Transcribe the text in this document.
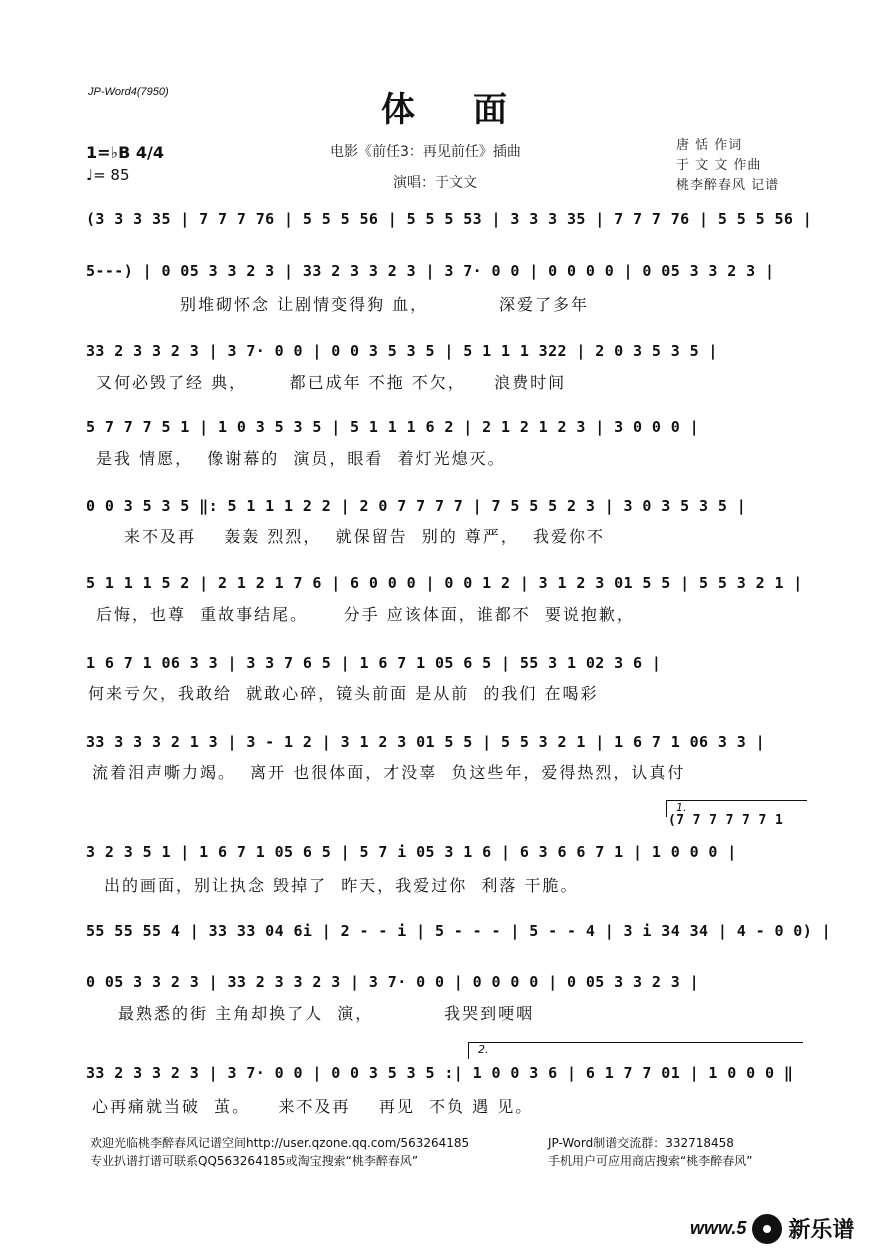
JP-Word4(7950)	体面
1=♭B 4/4
♩= 85
电影《前任3：再见前任》插曲
演唱：于文文
唐 恬 作词
于 文 文 作曲
桃李醉春风 记谱
(3 3 3 35 | 7 7 7 76 | 5 5 5 56 | 5 5 5 53 | 3 3 3 35 | 7 7 7 76 | 5 5 5 56 |
5---) | 0 05 3 3 2 3 | 33 2 3 3 2 3 | 3 7· 0 0 | 0 0 0 0 | 0 05 3 3 2 3 |
别堆砌怀念 让剧情变得狗 血，          深爱了多年
33 2 3 3 2 3 | 3 7· 0 0 | 0 0 3 5 3 5 | 5 1 1 1 322 | 2 0 3 5 3 5 |
又何必毁了经 典，      都已成年 不拖 不欠，    浪费时间
5 7 7 7 5 1 | 1 0 3 5 3 5 | 5 1 1 1 6 2 | 2 1 2 1 2 3 | 3 0 0 0 |
是我 情愿，  像谢幕的  演员，眼看  着灯光熄灭。
0 0 3 5 3 5 ‖: 5 1 1 1 2 2 | 2 0 7 7 7 7 | 7 5 5 5 2 3 | 3 0 3 5 3 5 |
来不及再    轰轰 烈烈，  就保留告  别的 尊严，  我爱你不
5 1 1 1 5 2 | 2 1 2 1 7 6 | 6 0 0 0 | 0 0 1 2 | 3 1 2 3 01 5 5 | 5 5 3 2 1 |
后悔，也尊  重故事结尾。     分手 应该体面，谁都不  要说抱歉，
1 6 7 1 06 3 3 | 3 3 7 6 5 | 1 6 7 1 05 6 5 | 55 3 1 02 3 6 |
何来亏欠，我敢给  就敢心碎，镜头前面 是从前  的我们 在喝彩
33 3 3 3 2 1 3 | 3 - 1 2 | 3 1 2 3 01 5 5 | 5 5 3 2 1 | 1 6 7 1 06 3 3 |
流着泪声嘶力竭。  离开 也很体面，才没辜  负这些年，爱得热烈，认真付
1.
(7 7 7 7 7 7 1
3 2 3 5 1 | 1 6 7 1 05 6 5 | 5 7 i 05 3 1 6 | 6 3 6 6 7 1 | 1 0 0 0 |
出的画面，别让执念 毁掉了  昨天，我爱过你  利落 干脆。
55 55 55 4 | 33 33 04 6i | 2 - - i | 5 - - - | 5 - - 4 | 3 i 34 34 | 4 - 0 0) |
0 05 3 3 2 3 | 33 2 3 3 2 3 | 3 7· 0 0 | 0 0 0 0 | 0 05 3 3 2 3 |
最熟悉的街 主角却换了人  演，          我哭到哽咽
2.
33 2 3 3 2 3 | 3 7· 0 0 | 0 0 3 5 3 5 :| 1 0 0 3 6 | 6 1 7 7 01 | 1 0 0 0 ‖
心再痛就当破  茧。    来不及再    再见  不负 遇 见。
欢迎光临桃李醉春风记谱空间http://user.qzone.qq.com/563264185	JP-Word制谱交流群：332718458
专业扒谱打谱可联系QQ563264185或淘宝搜索“桃李醉春风”	手机用户可应用商店搜索“桃李醉春风”
www.5 新乐谱
